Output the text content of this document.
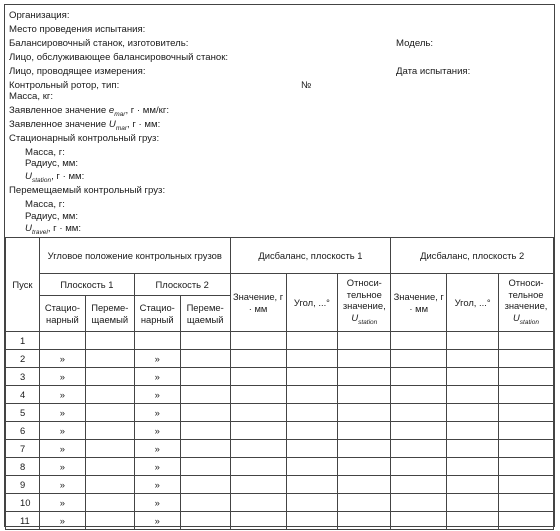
Организация:
Место проведения испытания:
Балансировочный станок, изготовитель:	Модель:
Лицо, обслуживающее балансировочный станок:
Лицо, проводящее измерения:	Дата испытания:
Контрольный ротор, тип:	№
Масса, кг:
Заявленное значение $e_{mar}$, г · мм/кг:
Заявленное значение $U_{mar}$, г · мм:
Стационарный контрольный груз:
Масса, г:
Радиус, мм:
$U_{station}$, г · мм:
Перемещаемый контрольный груз:
Масса, г:
Радиус, мм:
$U_{travel}$, г · мм:
Пуск	Угловое положение контрольных грузов				Дисбаланс, плоскость 1			Дисбаланс, плоскость 2		
	Плоскость 1		Плоскость 2		Значение, г · мм	Угол, ...°	Относи-тельное значение, $U_{station}$	Значение, г · мм	Угол, ...°	Относи-тельное значение, $U_{station}$
	Стацио-нарный	Переме-щаемый	Стацио-нарный	Переме-щаемый						
1										
2	»		»							
3	»		»							
4	»		»							
5	»		»							
6	»		»							
7	»		»							
8	»		»							
9	»		»							
10	»		»							
11	»		»							
